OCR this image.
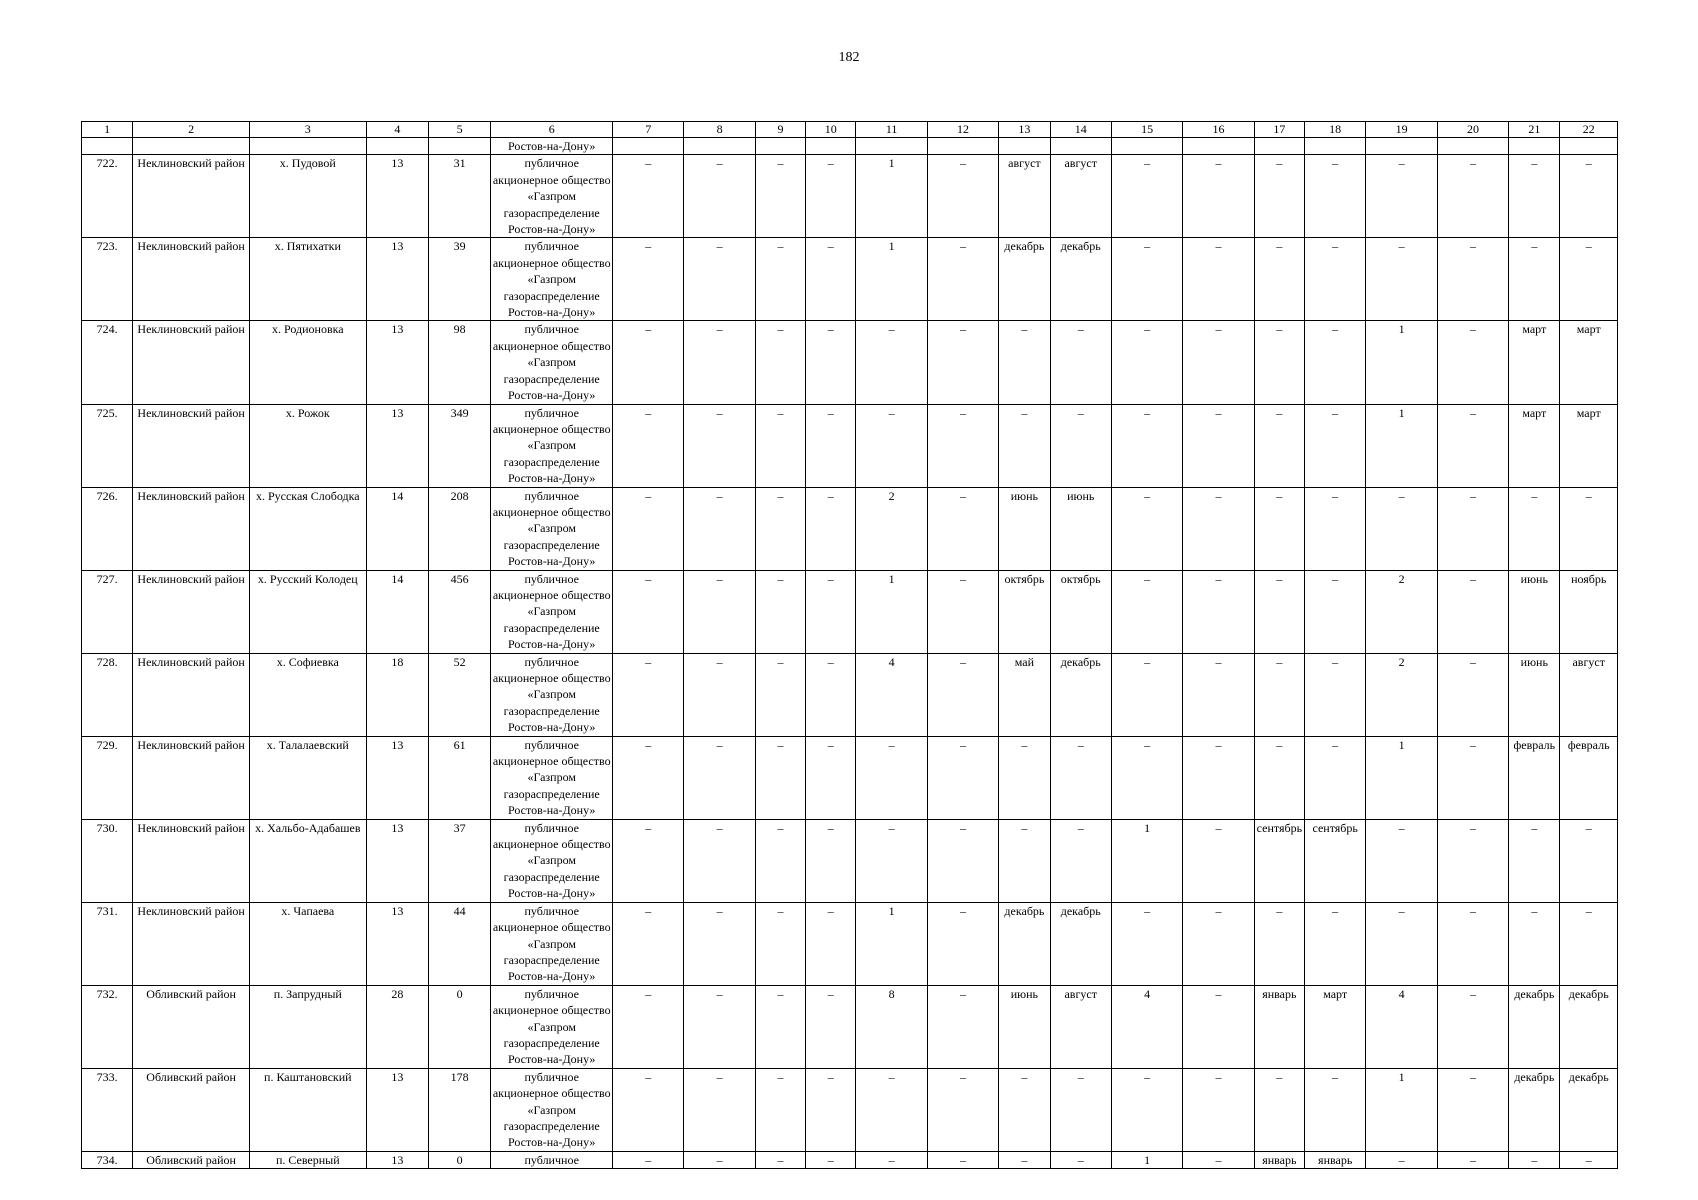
182
1	2	3	4	5	6	7	8	9	10	11	12	13	14	15	16	17	18	19	20	21	22
					Ростов-на-Дону»																
722.	Неклиновский район	х. Пудовой	13	31	публичное акционерное общество «Газпром газораспределение Ростов-на-Дону»	–	–	–	–	1	–	август	август	–	–	–	–	–	–	–	–
723.	Неклиновский район	х. Пятихатки	13	39	публичное акционерное общество «Газпром газораспределение Ростов-на-Дону»	–	–	–	–	1	–	декабрь	декабрь	–	–	–	–	–	–	–	–
724.	Неклиновский район	х. Родионовка	13	98	публичное акционерное общество «Газпром газораспределение Ростов-на-Дону»	–	–	–	–	–	–	–	–	–	–	–	–	1	–	март	март
725.	Неклиновский район	х. Рожок	13	349	публичное акционерное общество «Газпром газораспределение Ростов-на-Дону»	–	–	–	–	–	–	–	–	–	–	–	–	1	–	март	март
726.	Неклиновский район	х. Русская Слободка	14	208	публичное акционерное общество «Газпром газораспределение Ростов-на-Дону»	–	–	–	–	2	–	июнь	июнь	–	–	–	–	–	–	–	–
727.	Неклиновский район	х. Русский Колодец	14	456	публичное акционерное общество «Газпром газораспределение Ростов-на-Дону»	–	–	–	–	1	–	октябрь	октябрь	–	–	–	–	2	–	июнь	ноябрь
728.	Неклиновский район	х. Софиевка	18	52	публичное акционерное общество «Газпром газораспределение Ростов-на-Дону»	–	–	–	–	4	–	май	декабрь	–	–	–	–	2	–	июнь	август
729.	Неклиновский район	х. Талалаевский	13	61	публичное акционерное общество «Газпром газораспределение Ростов-на-Дону»	–	–	–	–	–	–	–	–	–	–	–	–	1	–	февраль	февраль
730.	Неклиновский район	х. Хальбо-Адабашев	13	37	публичное акционерное общество «Газпром газораспределение Ростов-на-Дону»	–	–	–	–	–	–	–	–	1	–	сентябрь	сентябрь	–	–	–	–
731.	Неклиновский район	х. Чапаева	13	44	публичное акционерное общество «Газпром газораспределение Ростов-на-Дону»	–	–	–	–	1	–	декабрь	декабрь	–	–	–	–	–	–	–	–
732.	Обливский район	п. Запрудный	28	0	публичное акционерное общество «Газпром газораспределение Ростов-на-Дону»	–	–	–	–	8	–	июнь	август	4	–	январь	март	4	–	декабрь	декабрь
733.	Обливский район	п. Каштановский	13	178	публичное акционерное общество «Газпром газораспределение Ростов-на-Дону»	–	–	–	–	–	–	–	–	–	–	–	–	1	–	декабрь	декабрь
734.	Обливский район	п. Северный	13	0	публичное	–	–	–	–	–	–	–	–	1	–	январь	январь	–	–	–	–
